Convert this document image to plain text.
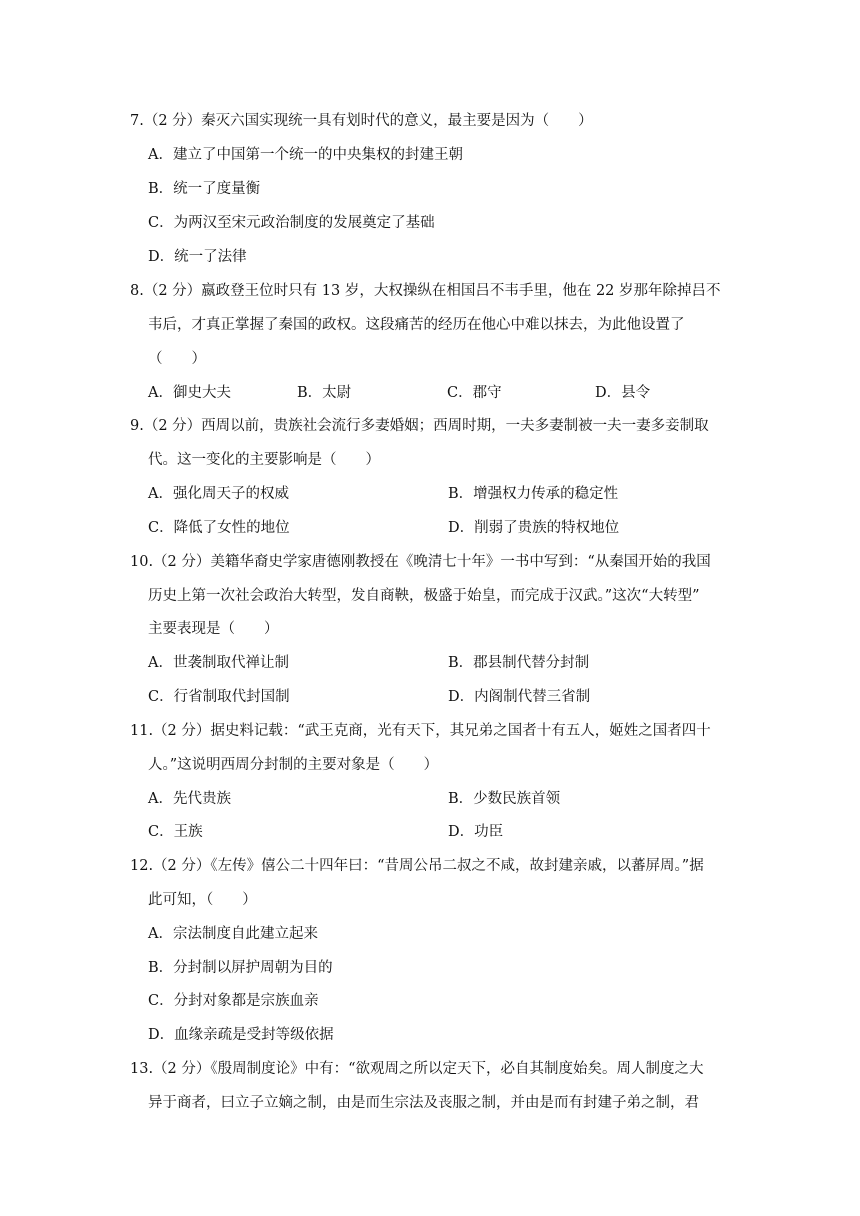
7.（2 分）秦灭六国实现统一具有划时代的意义，最主要是因为（　　）
A．建立了中国第一个统一的中央集权的封建王朝
B．统一了度量衡
C．为两汉至宋元政治制度的发展奠定了基础
D．统一了法律
8.（2 分）嬴政登王位时只有 13 岁，大权操纵在相国吕不韦手里，他在 22 岁那年除掉吕不
韦后，才真正掌握了秦国的政权。这段痛苦的经历在他心中难以抹去，为此他设置了
（　　）
A．御史大夫	B．太尉	C．郡守	D．县令
9.（2 分）西周以前，贵族社会流行多妻婚姻；西周时期，一夫多妻制被一夫一妻多妾制取
代。这一变化的主要影响是（　　）
A．强化周天子的权威	B．增强权力传承的稳定性
C．降低了女性的地位	D．削弱了贵族的特权地位
10.（2 分）美籍华裔史学家唐德刚教授在《晚清七十年》一书中写到：“从秦国开始的我国
历史上第一次社会政治大转型，发自商鞅，极盛于始皇，而完成于汉武。”这次“大转型”
主要表现是（　　）
A．世袭制取代禅让制	B．郡县制代替分封制
C．行省制取代封国制	D．内阁制代替三省制
11.（2 分）据史料记载：“武王克商，光有天下，其兄弟之国者十有五人，姬姓之国者四十
人。”这说明西周分封制的主要对象是（　　）
A．先代贵族	B．少数民族首领
C．王族	D．功臣
12.（2 分）《左传》僖公二十四年曰：“昔周公吊二叔之不咸，故封建亲戚，以蕃屏周。”据
此可知，（　　）
A．宗法制度自此建立起来
B．分封制以屏护周朝为目的
C．分封对象都是宗族血亲
D．血缘亲疏是受封等级依据
13.（2 分）《殷周制度论》中有：“欲观周之所以定天下，必自其制度始矣。周人制度之大
异于商者，曰立子立嫡之制，由是而生宗法及丧服之制，并由是而有封建子弟之制，君
